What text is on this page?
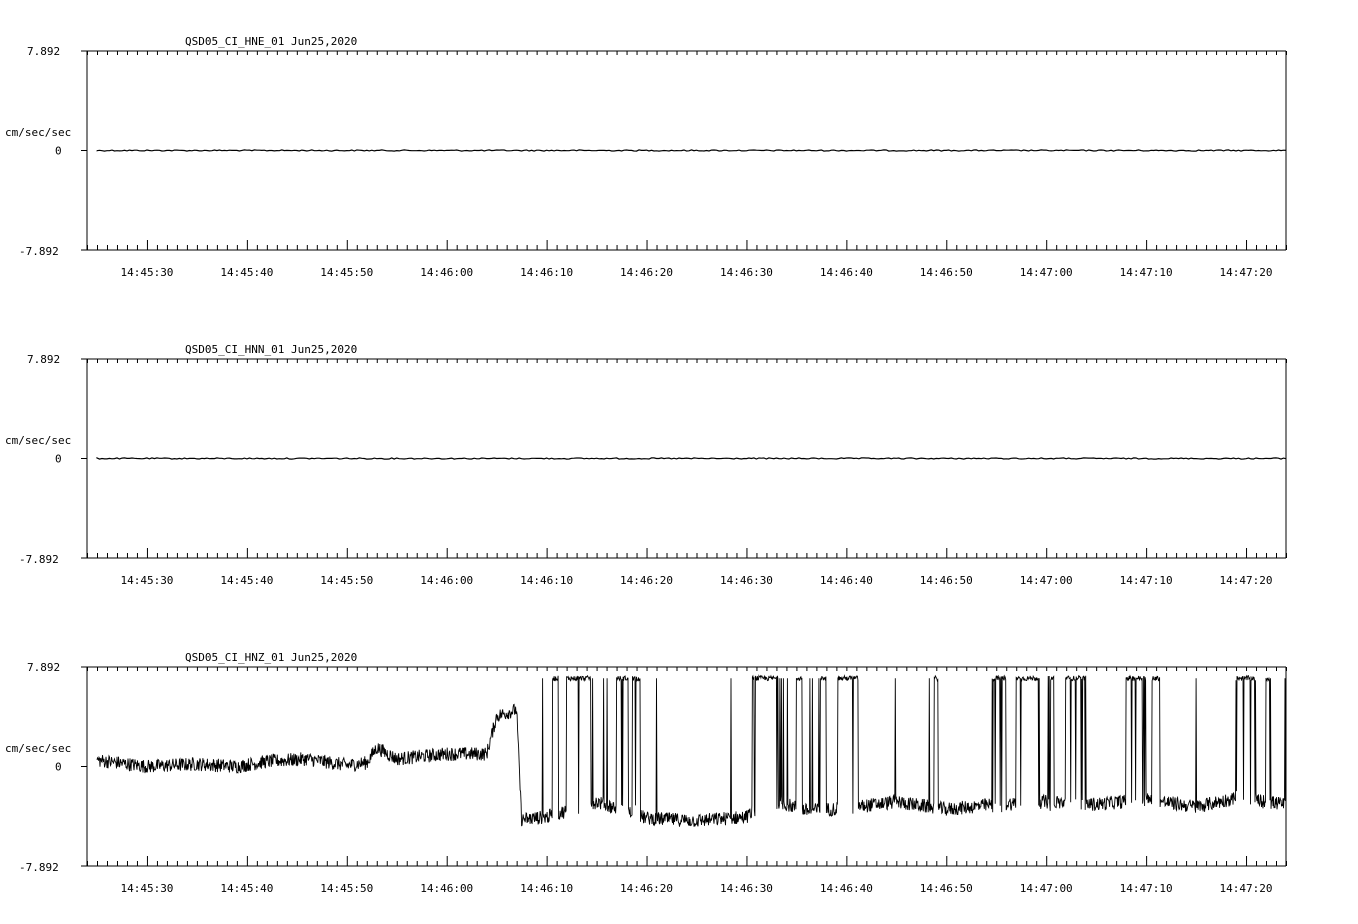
QSD05_CI_HNE_01 Jun25,2020
cm/sec/sec
7.892
0
-7.892
14:45:30	14:45:40	14:45:50	14:46:00	14:46:10	14:46:20	14:46:30	14:46:40	14:46:50	14:47:00	14:47:10	14:47:20
QSD05_CI_HNN_01 Jun25,2020
cm/sec/sec
7.892
0
-7.892
14:45:30	14:45:40	14:45:50	14:46:00	14:46:10	14:46:20	14:46:30	14:46:40	14:46:50	14:47:00	14:47:10	14:47:20
QSD05_CI_HNZ_01 Jun25,2020
cm/sec/sec
7.892
0
-7.892
14:45:30	14:45:40	14:45:50	14:46:00	14:46:10	14:46:20	14:46:30	14:46:40	14:46:50	14:47:00	14:47:10	14:47:20
